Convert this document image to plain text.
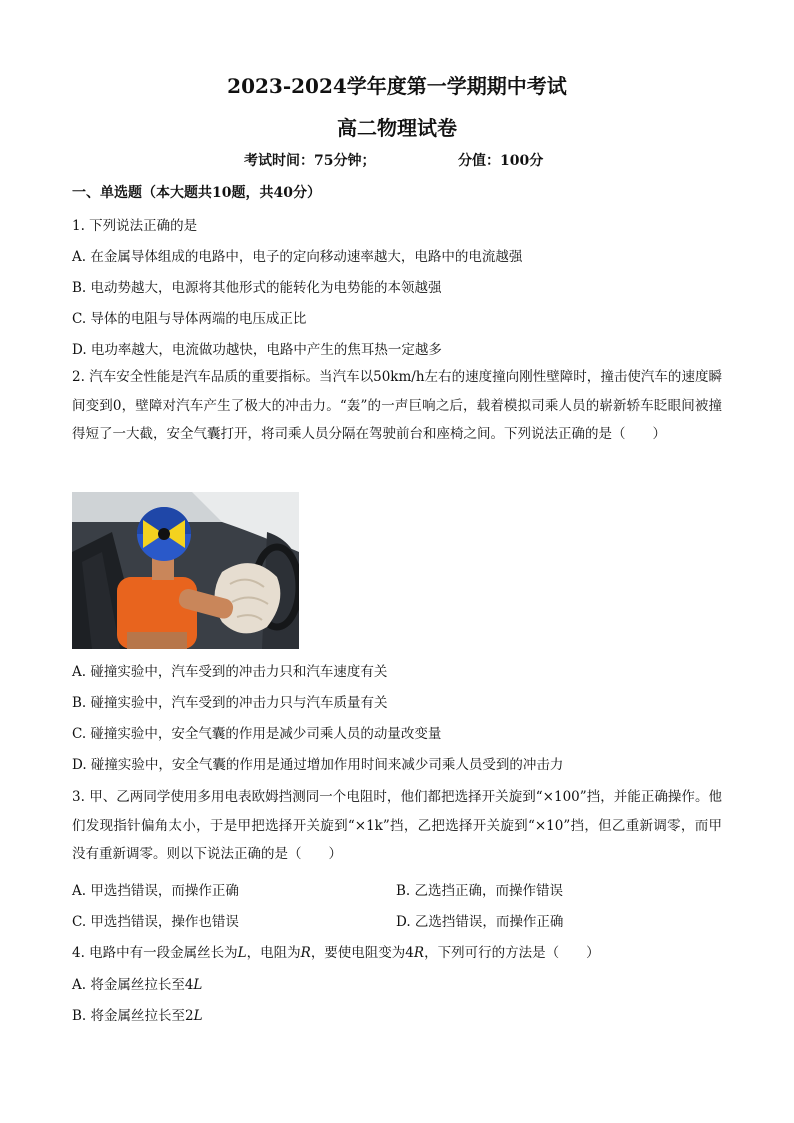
2023-2024学年度第一学期期中考试
高二物理试卷
考试时间：75分钟；	分值：100分
一、单选题（本大题共10题，共40分）
1. 下列说法正确的是
A. 在金属导体组成的电路中，电子的定向移动速率越大，电路中的电流越强
B. 电动势越大，电源将其他形式的能转化为电势能的本领越强
C. 导体的电阻与导体两端的电压成正比
D. 电功率越大，电流做功越快，电路中产生的焦耳热一定越多
2. 汽车安全性能是汽车品质的重要指标。当汽车以50km/h左右的速度撞向刚性壁障时，撞击使汽车的速度瞬间变到0，壁障对汽车产生了极大的冲击力。“轰”的一声巨响之后，载着模拟司乘人员的崭新轿车眨眼间被撞得短了一大截，安全气囊打开，将司乘人员分隔在驾驶前台和座椅之间。下列说法正确的是（　　）
A. 碰撞实验中，汽车受到的冲击力只和汽车速度有关
B. 碰撞实验中，汽车受到的冲击力只与汽车质量有关
C. 碰撞实验中，安全气囊的作用是减少司乘人员的动量改变量
D. 碰撞实验中，安全气囊的作用是通过增加作用时间来减少司乘人员受到的冲击力
3. 甲、乙两同学使用多用电表欧姆挡测同一个电阻时，他们都把选择开关旋到“×100”挡，并能正确操作。他们发现指针偏角太小，于是甲把选择开关旋到“×1k”挡，乙把选择开关旋到“×10”挡，但乙重新调零，而甲没有重新调零。则以下说法正确的是（　　）
A. 甲选挡错误，而操作正确	B. 乙选挡正确，而操作错误
C. 甲选挡错误，操作也错误	D. 乙选挡错误，而操作正确
4. 电路中有一段金属丝长为L，电阻为R，要使电阻变为4R，下列可行的方法是（　　）
A. 将金属丝拉长至4L
B. 将金属丝拉长至2L
